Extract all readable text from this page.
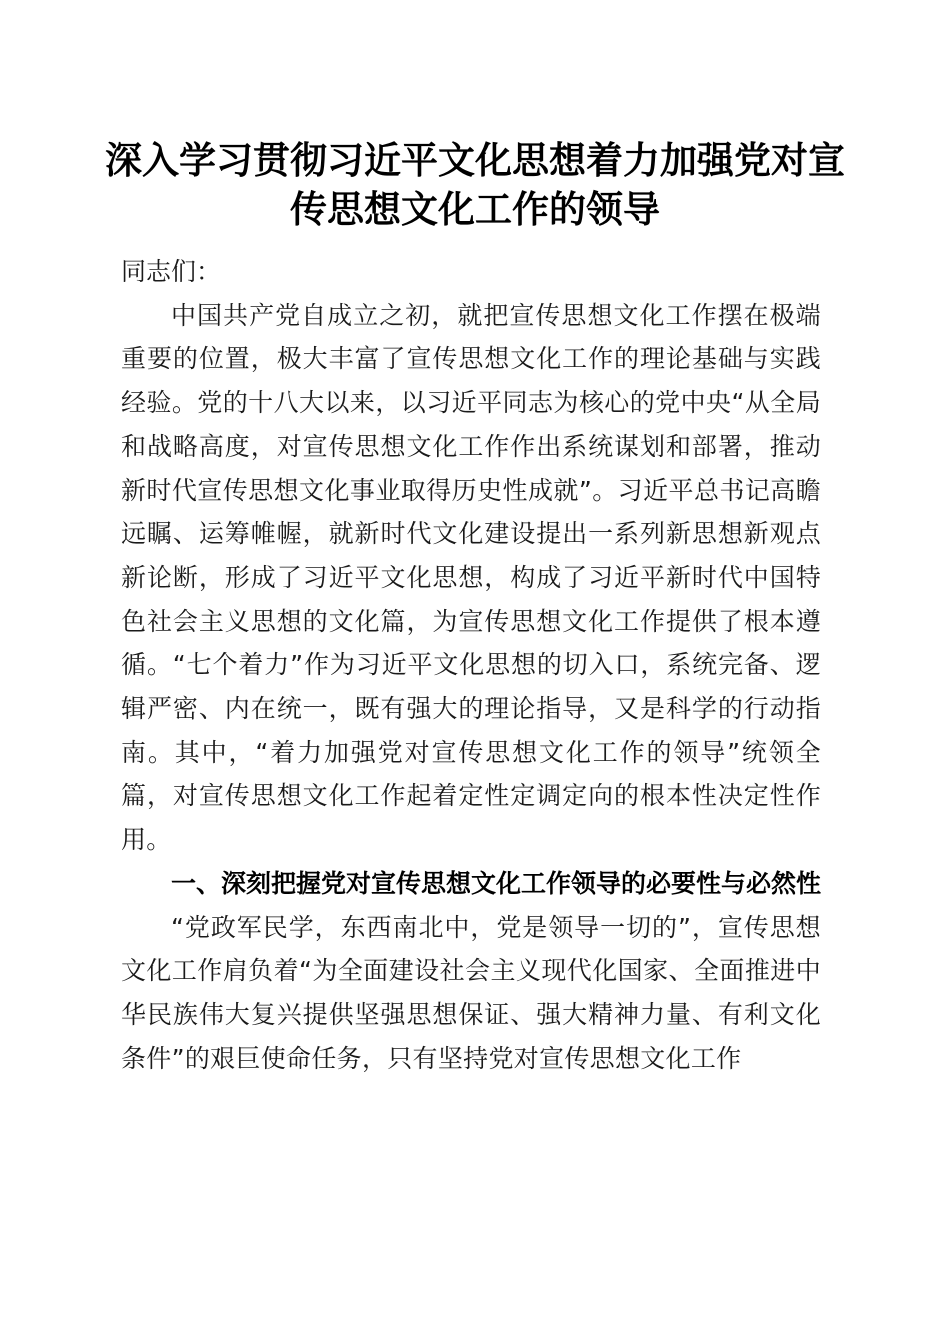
深入学习贯彻习近平文化思想着力加强党对宣
传思想文化工作的领导

同志们：

中国共产党自成立之初，就把宣传思想文化工作摆在极端重要的位置，极大丰富了宣传思想文化工作的理论基础与实践经验。党的十八大以来，以习近平同志为核心的党中央“从全局和战略高度，对宣传思想文化工作作出系统谋划和部署，推动新时代宣传思想文化事业取得历史性成就”。习近平总书记高瞻远瞩、运筹帷幄，就新时代文化建设提出一系列新思想新观点新论断，形成了习近平文化思想，构成了习近平新时代中国特色社会主义思想的文化篇，为宣传思想文化工作提供了根本遵循。“七个着力”作为习近平文化思想的切入口，系统完备、逻辑严密、内在统一，既有强大的理论指导，又是科学的行动指南。其中，“着力加强党对宣传思想文化工作的领导”统领全篇，对宣传思想文化工作起着定性定调定向的根本性决定性作用。

一、深刻把握党对宣传思想文化工作领导的必要性与必然性

“党政军民学，东西南北中，党是领导一切的”，宣传思想文化工作肩负着“为全面建设社会主义现代化国家、全面推进中华民族伟大复兴提供坚强思想保证、强大精神力量、有利文化条件”的艰巨使命任务，只有坚持党对宣传思想文化工作
